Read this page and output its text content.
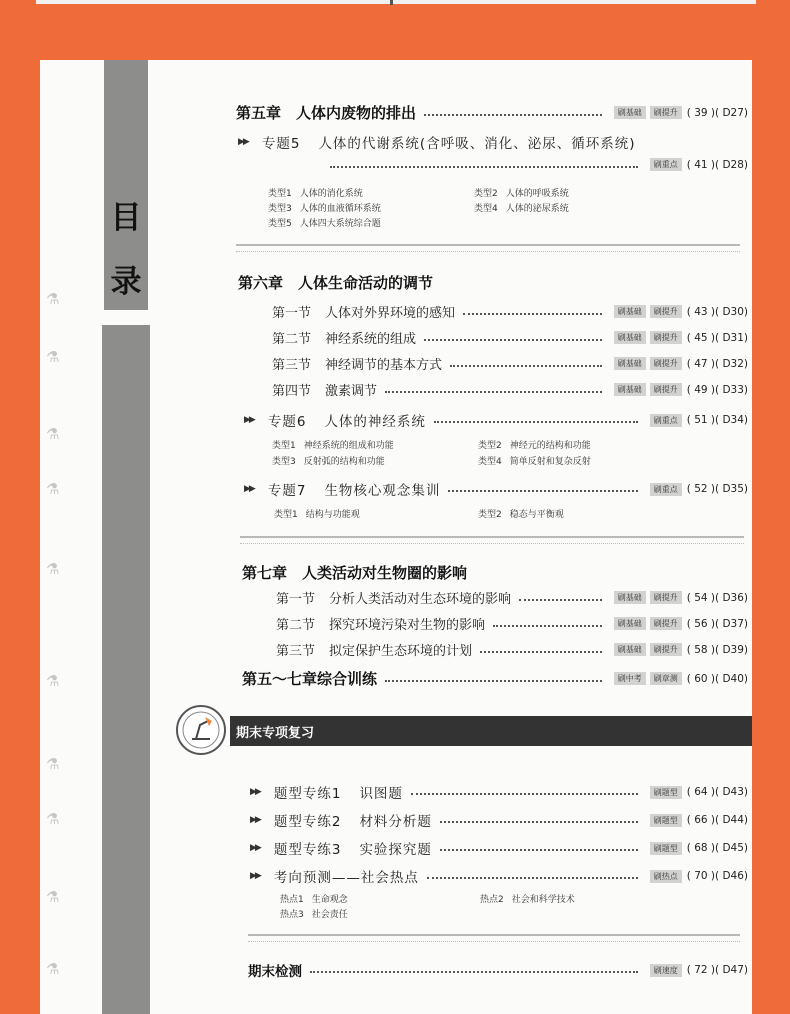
目
录
⚗
⚗
⚗
⚗
⚗
⚗
⚗
⚗
⚗
⚗
第五章　人体内废物的排出	刷基础	刷提升 ( 39 )( D27)
▶▶ 专题5 人体的代谢系统(含呼吸、消化、泌尿、循环系统)
刷重点 ( 41 )( D28)
类型1 人体的消化系统	类型2 人体的呼吸系统
类型3 人体的血液循环系统	类型4 人体的泌尿系统
类型5 人体四大系统综合题
第六章　人体生命活动的调节
第一节 人体对外界环境的感知	刷基础	刷提升 ( 43 )( D30)
第二节 神经系统的组成	刷基础	刷提升 ( 45 )( D31)
第三节 神经调节的基本方式	刷基础	刷提升 ( 47 )( D32)
第四节 激素调节	刷基础	刷提升 ( 49 )( D33)
▶▶ 专题6 人体的神经系统	刷重点 ( 51 )( D34)
类型1 神经系统的组成和功能	类型2 神经元的结构和功能
类型3 反射弧的结构和功能	类型4 简单反射和复杂反射
▶▶ 专题7 生物核心观念集训	刷重点 ( 52 )( D35)
类型1 结构与功能观	类型2 稳态与平衡观
第七章　人类活动对生物圈的影响
第一节 分析人类活动对生态环境的影响	刷基础	刷提升 ( 54 )( D36)
第二节 探究环境污染对生物的影响	刷基础	刷提升 ( 56 )( D37)
第三节 拟定保护生态环境的计划	刷基础	刷提升 ( 58 )( D39)
第五～七章综合训练	刷中考	刷章测 ( 60 )( D40)
期末专项复习
▶▶ 题型专练1 识图题	刷题型 ( 64 )( D43)
▶▶ 题型专练2 材料分析题	刷题型 ( 66 )( D44)
▶▶ 题型专练3 实验探究题	刷题型 ( 68 )( D45)
▶▶ 考向预测——社会热点	刷热点 ( 70 )( D46)
热点1 生命观念	热点2 社会和科学技术
热点3 社会责任
期末检测	刷速度 ( 72 )( D47)
